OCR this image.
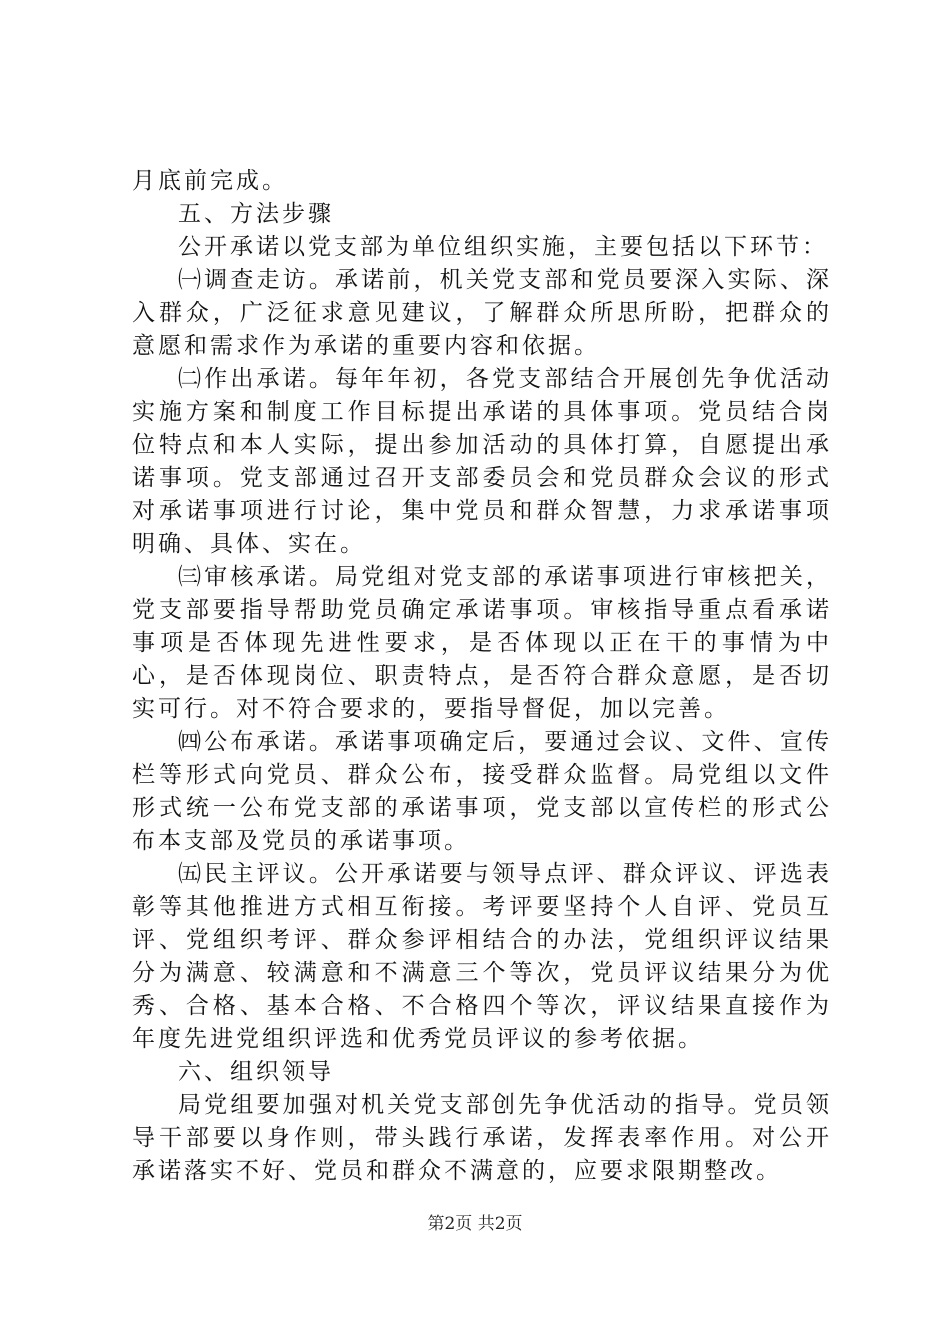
月底前完成。

五、方法步骤

公开承诺以党支部为单位组织实施，主要包括以下环节：

㈠调查走访。承诺前，机关党支部和党员要深入实际、深入群众，广泛征求意见建议，了解群众所思所盼，把群众的意愿和需求作为承诺的重要内容和依据。

㈡作出承诺。每年年初，各党支部结合开展创先争优活动实施方案和制度工作目标提出承诺的具体事项。党员结合岗位特点和本人实际，提出参加活动的具体打算，自愿提出承诺事项。党支部通过召开支部委员会和党员群众会议的形式对承诺事项进行讨论，集中党员和群众智慧，力求承诺事项明确、具体、实在。

㈢审核承诺。局党组对党支部的承诺事项进行审核把关，党支部要指导帮助党员确定承诺事项。审核指导重点看承诺事项是否体现先进性要求，是否体现以正在干的事情为中心，是否体现岗位、职责特点，是否符合群众意愿，是否切实可行。对不符合要求的，要指导督促，加以完善。

㈣公布承诺。承诺事项确定后，要通过会议、文件、宣传栏等形式向党员、群众公布，接受群众监督。局党组以文件形式统一公布党支部的承诺事项，党支部以宣传栏的形式公布本支部及党员的承诺事项。

㈤民主评议。公开承诺要与领导点评、群众评议、评选表彰等其他推进方式相互衔接。考评要坚持个人自评、党员互评、党组织考评、群众参评相结合的办法，党组织评议结果分为满意、较满意和不满意三个等次，党员评议结果分为优秀、合格、基本合格、不合格四个等次，评议结果直接作为年度先进党组织评选和优秀党员评议的参考依据。

六、组织领导

局党组要加强对机关党支部创先争优活动的指导。党员领导干部要以身作则，带头践行承诺，发挥表率作用。对公开承诺落实不好、党员和群众不满意的，应要求限期整改。

第2页 共2页
